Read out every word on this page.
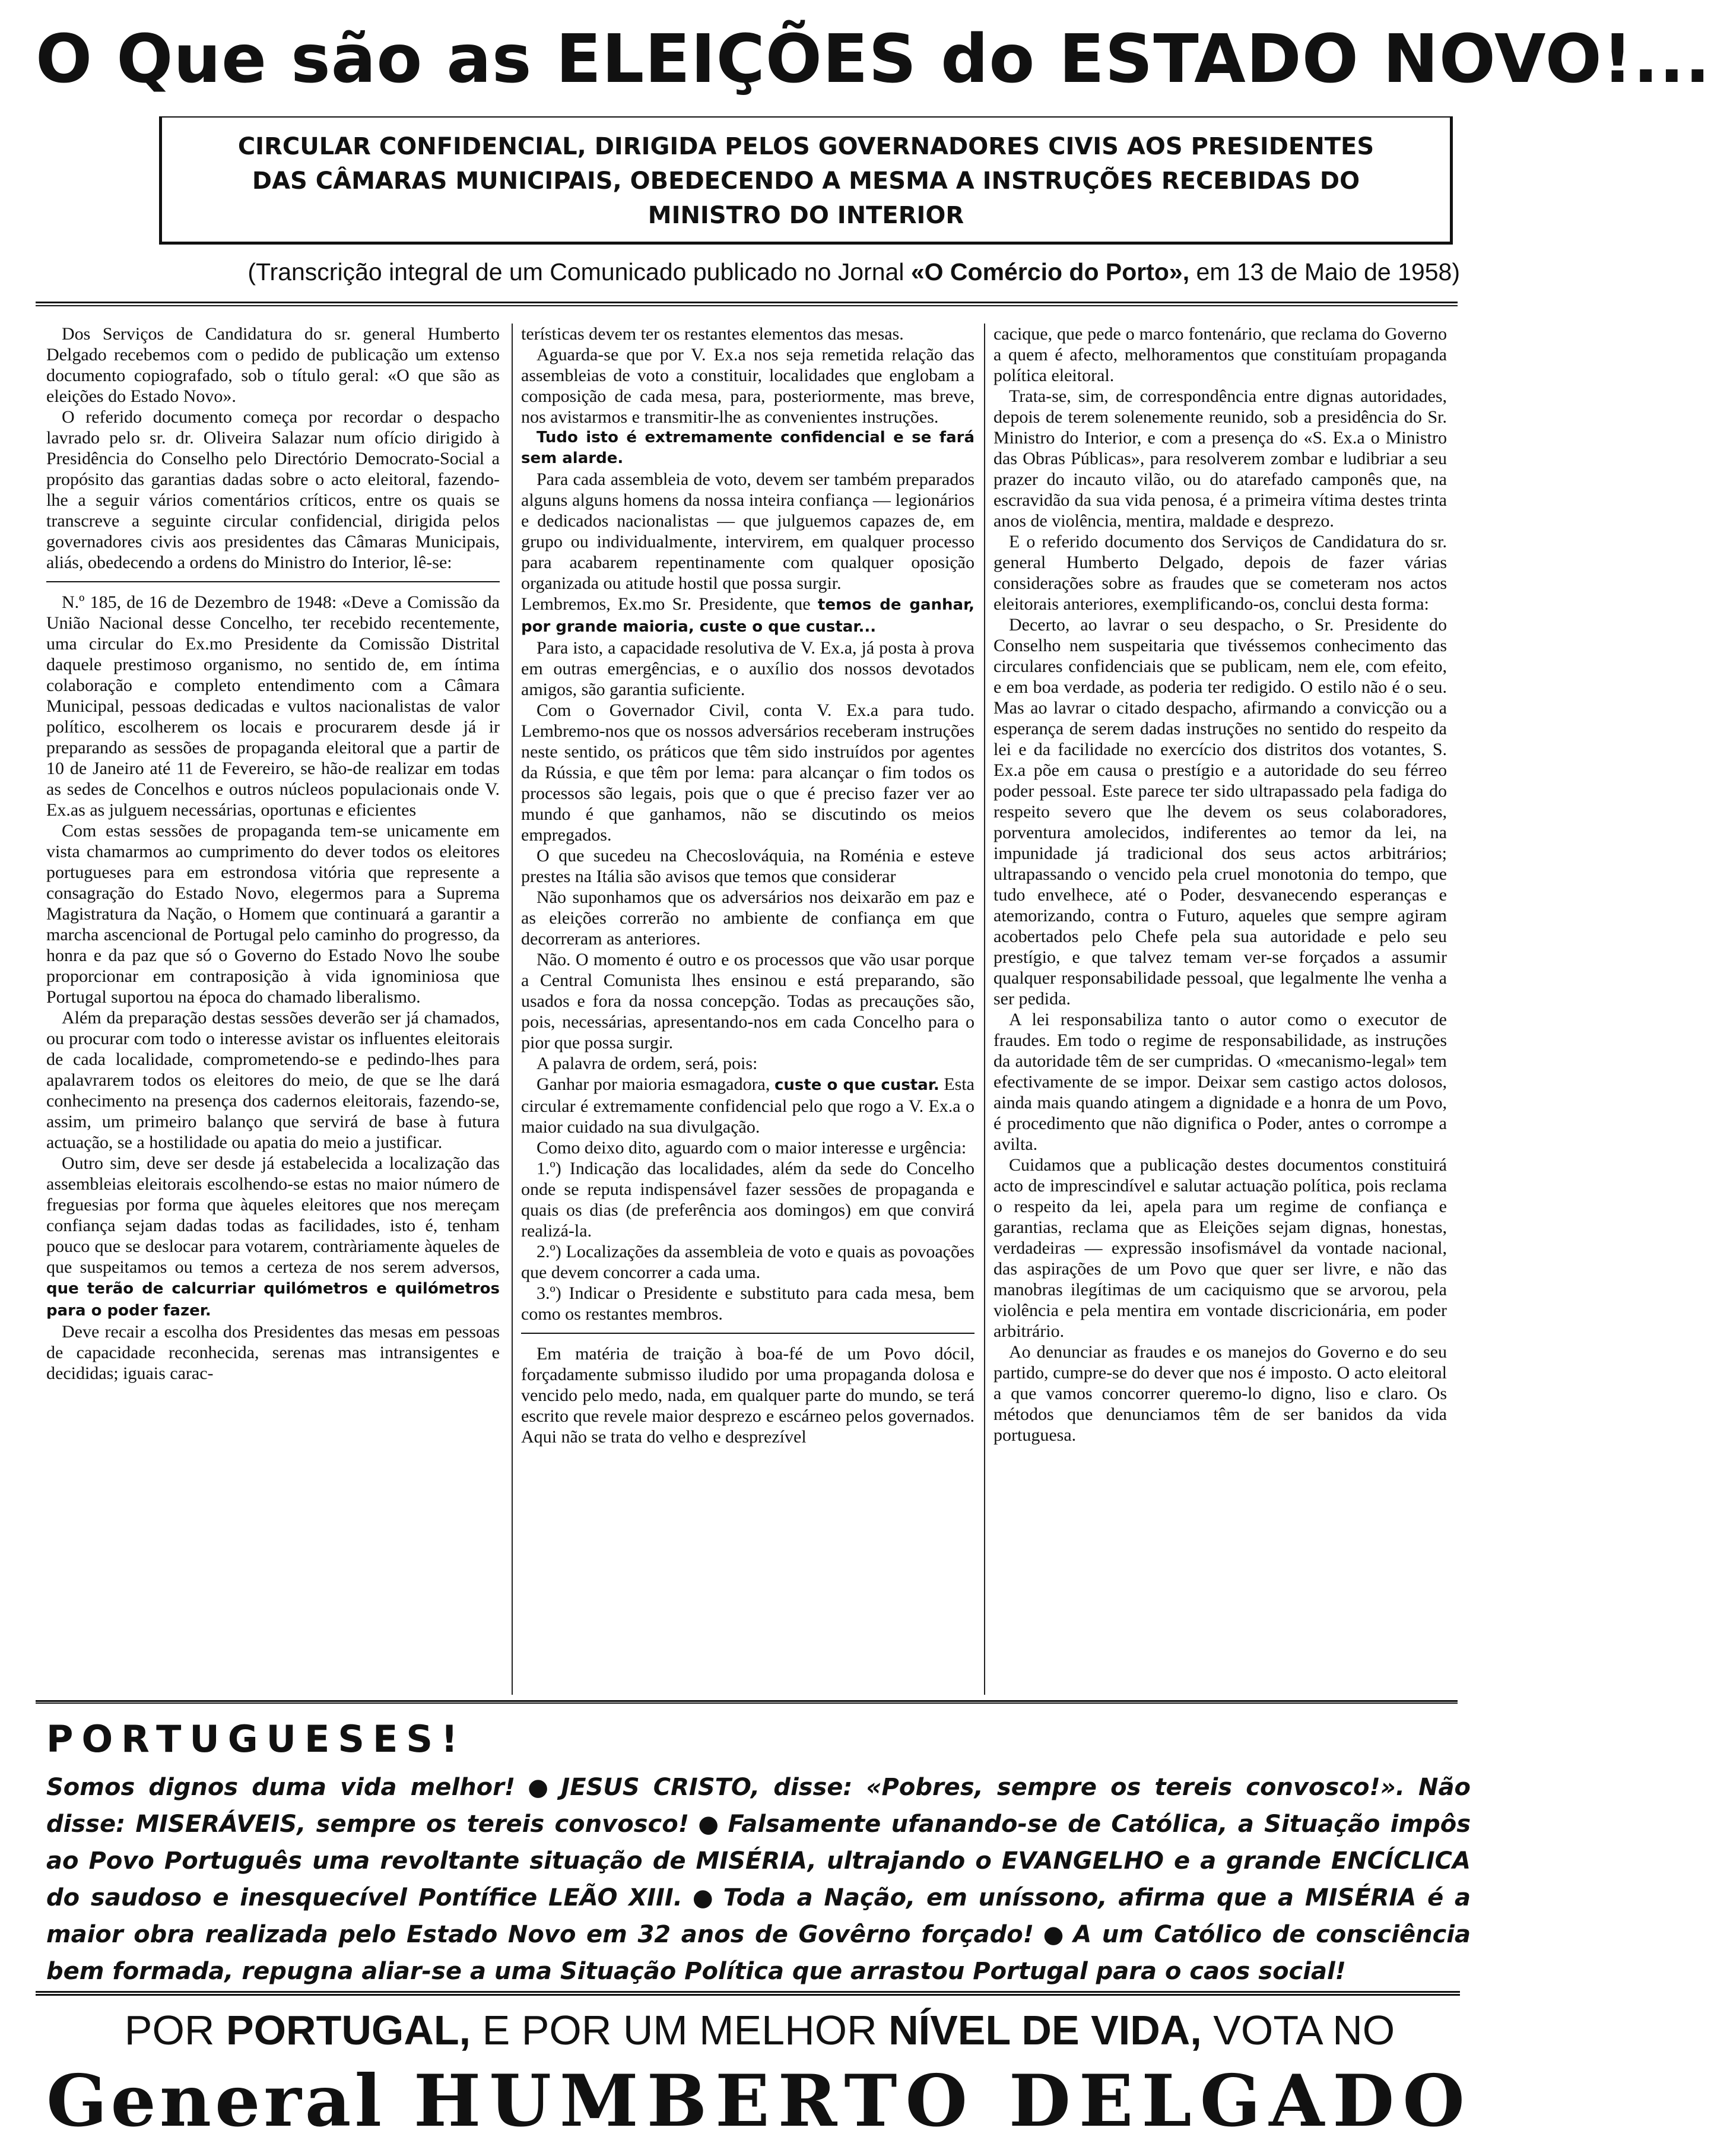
O Que são as ELEIÇÕES do ESTADO NOVO!...
CIRCULAR CONFIDENCIAL, DIRIGIDA PELOS GOVERNADORES CIVIS AOS PRESIDENTES
DAS CÂMARAS MUNICIPAIS, OBEDECENDO A MESMA A INSTRUÇÕES RECEBIDAS DO
MINISTRO DO INTERIOR
(Transcrição integral de um Comunicado publicado no Jornal «O Comércio do Porto», em 13 de Maio de 1958)

Dos Serviços de Candidatura do sr. general Humberto Delgado recebemos com o pedido de publicação um extenso documento copiografado, sob o título geral: «O que são as eleições do Estado Novo».

O referido documento começa por recordar o despacho lavrado pelo sr. dr. Oliveira Salazar num ofício dirigido à Presidência do Conselho pelo Directório Democrato-Social a propósito das garantias dadas sobre o acto eleitoral, fazendo-lhe a seguir vários comentários críticos, entre os quais se transcreve a seguinte circular confidencial, dirigida pelos governadores civis aos presidentes das Câmaras Municipais, aliás, obedecendo a ordens do Ministro do Interior, lê-se:

N.º 185, de 16 de Dezembro de 1948: «Deve a Comissão da União Nacional desse Concelho, ter recebido recentemente, uma circular do Ex.mo Presidente da Comissão Distrital daquele prestimoso organismo, no sentido de, em íntima colaboração e completo entendimento com a Câmara Municipal, pessoas dedicadas e vultos nacionalistas de valor político, escolherem os locais e procurarem desde já ir preparando as sessões de propaganda eleitoral que a partir de 10 de Janeiro até 11 de Fevereiro, se hão-de realizar em todas as sedes de Concelhos e outros núcleos populacionais onde V. Ex.as as julguem necessárias, oportunas e eficientes

Com estas sessões de propaganda tem-se unicamente em vista chamarmos ao cumprimento do dever todos os eleitores portugueses para em estrondosa vitória que represente a consagração do Estado Novo, elegermos para a Suprema Magistratura da Nação, o Homem que continuará a garantir a marcha ascencional de Portugal pelo caminho do progresso, da honra e da paz que só o Governo do Estado Novo lhe soube proporcionar em contraposição à vida ignominiosa que Portugal suportou na época do chamado liberalismo.

Além da preparação destas sessões deverão ser já chamados, ou procurar com todo o interesse avistar os influentes eleitorais de cada localidade, comprometendo-se e pedindo-lhes para apalavrarem todos os eleitores do meio, de que se lhe dará conhecimento na presença dos cadernos eleitorais, fazendo-se, assim, um primeiro balanço que servirá de base à futura actuação, se a hostilidade ou apatia do meio a justificar.

Outro sim, deve ser desde já estabelecida a localização das assembleias eleitorais escolhendo-se estas no maior número de freguesias por forma que àqueles eleitores que nos mereçam confiança sejam dadas todas as facilidades, isto é, tenham pouco que se deslocar para votarem, contràriamente àqueles de que suspeitamos ou temos a certeza de nos serem adversos, que terão de calcurriar quilómetros e quilómetros para o poder fazer.

Deve recair a escolha dos Presidentes das mesas em pessoas de capacidade reconhecida, serenas mas intransigentes e decididas; iguais carac-

terísticas devem ter os restantes elementos das mesas.

Aguarda-se que por V. Ex.a nos seja remetida relação das assembleias de voto a constituir, localidades que englobam a composição de cada mesa, para, posteriormente, mas breve, nos avistarmos e transmitir-lhe as convenientes instruções.

Tudo isto é extremamente confidencial e se fará sem alarde.

Para cada assembleia de voto, devem ser também preparados alguns alguns homens da nossa inteira confiança — legionários e dedicados nacionalistas — que julguemos capazes de, em grupo ou individualmente, intervirem, em qualquer processo para acabarem repentinamente com qualquer oposição organizada ou atitude hostil que possa surgir.

Lembremos, Ex.mo Sr. Presidente, que temos de ganhar, por grande maioria, custe o que custar...

Para isto, a capacidade resolutiva de V. Ex.a, já posta à prova em outras emergências, e o auxílio dos nossos devotados amigos, são garantia suficiente.

Com o Governador Civil, conta V. Ex.a para tudo. Lembremo-nos que os nossos adversários receberam instruções neste sentido, os práticos que têm sido instruídos por agentes da Rússia, e que têm por lema: para alcançar o fim todos os processos são legais, pois que o que é preciso fazer ver ao mundo é que ganhamos, não se discutindo os meios empregados.

O que sucedeu na Checoslováquia, na Roménia e esteve prestes na Itália são avisos que temos que considerar

Não suponhamos que os adversários nos deixarão em paz e as eleições correrão no ambiente de confiança em que decorreram as anteriores.

Não. O momento é outro e os processos que vão usar porque a Central Comunista lhes ensinou e está preparando, são usados e fora da nossa concepção. Todas as precauções são, pois, necessárias, apresentando-nos em cada Concelho para o pior que possa surgir.

A palavra de ordem, será, pois:

Ganhar por maioria esmagadora, custe o que custar. Esta circular é extremamente confidencial pelo que rogo a V. Ex.a o maior cuidado na sua divulgação.

Como deixo dito, aguardo com o maior interesse e urgência:

1.º) Indicação das localidades, além da sede do Concelho onde se reputa indispensável fazer sessões de propaganda e quais os dias (de preferência aos domingos) em que convirá realizá-la.

2.º) Localizações da assembleia de voto e quais as povoações que devem concorrer a cada uma.

3.º) Indicar o Presidente e substituto para cada mesa, bem como os restantes membros.

Em matéria de traição à boa-fé de um Povo dócil, forçadamente submisso iludido por uma propaganda dolosa e vencido pelo medo, nada, em qualquer parte do mundo, se terá escrito que revele maior desprezo e escárneo pelos governados. Aqui não se trata do velho e desprezível

cacique, que pede o marco fontenário, que reclama do Governo a quem é afecto, melhoramentos que constituíam propaganda política eleitoral.

Trata-se, sim, de correspondência entre dignas autoridades, depois de terem solenemente reunido, sob a presidência do Sr. Ministro do Interior, e com a presença do «S. Ex.a o Ministro das Obras Públicas», para resolverem zombar e ludibriar a seu prazer do incauto vilão, ou do atarefado camponês que, na escravidão da sua vida penosa, é a primeira vítima destes trinta anos de violência, mentira, maldade e desprezo.

E o referido documento dos Serviços de Candidatura do sr. general Humberto Delgado, depois de fazer várias considerações sobre as fraudes que se cometeram nos actos eleitorais anteriores, exemplificando-os, conclui desta forma:

Decerto, ao lavrar o seu despacho, o Sr. Presidente do Conselho nem suspeitaria que tivéssemos conhecimento das circulares confidenciais que se publicam, nem ele, com efeito, e em boa verdade, as poderia ter redigido. O estilo não é o seu. Mas ao lavrar o citado despacho, afirmando a convicção ou a esperança de serem dadas instruções no sentido do respeito da lei e da facilidade no exercício dos distritos dos votantes, S. Ex.a põe em causa o prestígio e a autoridade do seu férreo poder pessoal. Este parece ter sido ultrapassado pela fadiga do respeito severo que lhe devem os seus colaboradores, porventura amolecidos, indiferentes ao temor da lei, na impunidade já tradicional dos seus actos arbitrários; ultrapassando o vencido pela cruel monotonia do tempo, que tudo envelhece, até o Poder, desvanecendo esperanças e atemorizando, contra o Futuro, aqueles que sempre agiram acobertados pelo Chefe pela sua autoridade e pelo seu prestígio, e que talvez temam ver-se forçados a assumir qualquer responsabilidade pessoal, que legalmente lhe venha a ser pedida.

A lei responsabiliza tanto o autor como o executor de fraudes. Em todo o regime de responsabilidade, as instruções da autoridade têm de ser cumpridas. O «mecanismo-legal» tem efectivamente de se impor. Deixar sem castigo actos dolosos, ainda mais quando atingem a dignidade e a honra de um Povo, é procedimento que não dignifica o Poder, antes o corrompe a avilta.

Cuidamos que a publicação destes documentos constituirá acto de imprescindível e salutar actuação política, pois reclama o respeito da lei, apela para um regime de confiança e garantias, reclama que as Eleições sejam dignas, honestas, verdadeiras — expressão insofismável da vontade nacional, das aspirações de um Povo que quer ser livre, e não das manobras ilegítimas de um caciquismo que se arvorou, pela violência e pela mentira em vontade discricionária, em poder arbitrário.

Ao denunciar as fraudes e os manejos do Governo e do seu partido, cumpre-se do dever que nos é imposto. O acto eleitoral a que vamos concorrer queremo-lo digno, liso e claro. Os métodos que denunciamos têm de ser banidos da vida portuguesa.

PORTUGUESES!
Somos dignos duma vida melhor! ● JESUS CRISTO, disse: «Pobres, sempre os tereis convosco!». Não disse: MISERÁVEIS, sempre os tereis convosco! ● Falsamente ufanando-se de Católica, a Situação impôs ao Povo Português uma revoltante situação de MISÉRIA, ultrajando o EVANGELHO e a grande ENCÍCLICA do saudoso e inesquecível Pontífice LEÃO XIII. ● Toda a Nação, em uníssono, afirma que a MISÉRIA é a maior obra realizada pelo Estado Novo em 32 anos de Govêrno forçado! ● A um Católico de consciência bem formada, repugna aliar-se a uma Situação Política que arrastou Portugal para o caos social!
POR PORTUGAL, E POR UM MELHOR NÍVEL DE VIDA, VOTA NO
General HUMBERTO DELGADO
